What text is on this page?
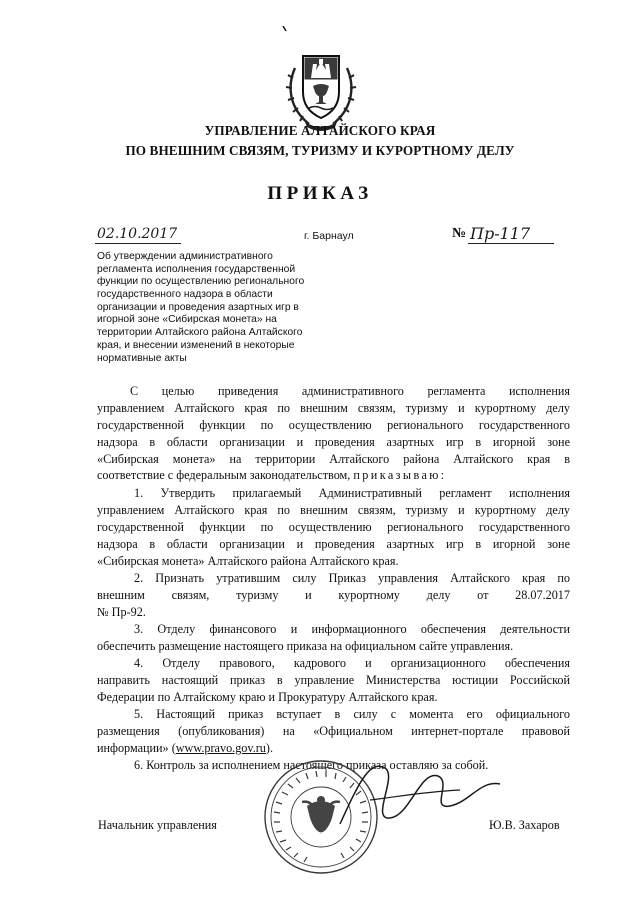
УПРАВЛЕНИЕ АЛТАЙСКОГО КРАЯ
ПО ВНЕШНИМ СВЯЗЯМ, ТУРИЗМУ И КУРОРТНОМУ ДЕЛУ
ПРИКАЗ
02.10.2017	г. Барнаул	№ Пр-117
Об утверждении административного
регламента исполнения государственной
функции по осуществлению регионального
государственного надзора в области
организации и проведения азартных игр в
игорной зоне «Сибирская монета» на
территории Алтайского района Алтайского
края, и внесении изменений в некоторые
нормативные акты
С целью приведения административного регламента исполнения
управлением Алтайского края по внешним связям, туризму и курортному делу
государственной функции по осуществлению регионального государственного
надзора в области организации и проведения азартных игр в игорной зоне
«Сибирская монета» на территории Алтайского района Алтайского края в
соответствие с федеральным законодательством, приказываю:
1. Утвердить прилагаемый Административный регламент исполнения
управлением Алтайского края по внешним связям, туризму и курортному делу
государственной функции по осуществлению регионального государственного
надзора в области организации и проведения азартных игр в игорной зоне
«Сибирская монета» Алтайского района Алтайского края.
2. Признать утратившим силу Приказ управления Алтайского края по
внешним связям, туризму и курортному делу от 28.07.2017
№ Пр-92.
3. Отделу финансового и информационного обеспечения деятельности
обеспечить размещение настоящего приказа на официальном сайте управления.
4. Отделу правового, кадрового и организационного обеспечения
направить настоящий приказ в управление Министерства юстиции Российской
Федерации по Алтайскому краю и Прокуратуру Алтайского края.
5. Настоящий приказ вступает в силу с момента его официального
размещения (опубликования) на «Официальном интернет-портале правовой
информации» (www.pravo.gov.ru).
6. Контроль за исполнением настоящего приказа оставляю за собой.
Начальник управления	Ю.В. Захаров
